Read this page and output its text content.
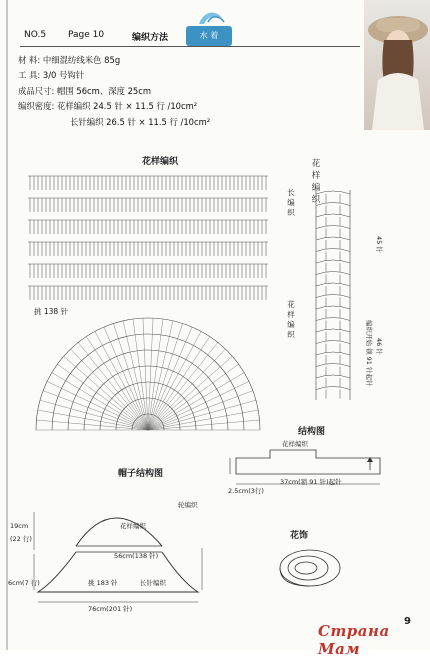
NO.5 Page 10	编织方法	水 着
材 料: 中细混纺线米色 85g
工 具: 3/0 号钩针
成品尺寸: 帽围 56cm、深度 25cm
编织密度: 花样编织 24.5 针 × 11.5 行 /10cm²
长针编织 26.5 针 × 11.5 行 /10cm²
花样编织
长编织
花样编织
挑 138 针
花样编织
45 针
46 针
编织开始 锁 91 针起针
结构图
花样编织
37cm(锁 91 针)起针
2.5cm(3行)
帽子结构图
花样编织
轮编织
56cm(138 针)
挑 183 针	长针编织
76cm(201 针)
19cm
(22 行)
6cm(7 行)
花饰
9
Страна Мам
